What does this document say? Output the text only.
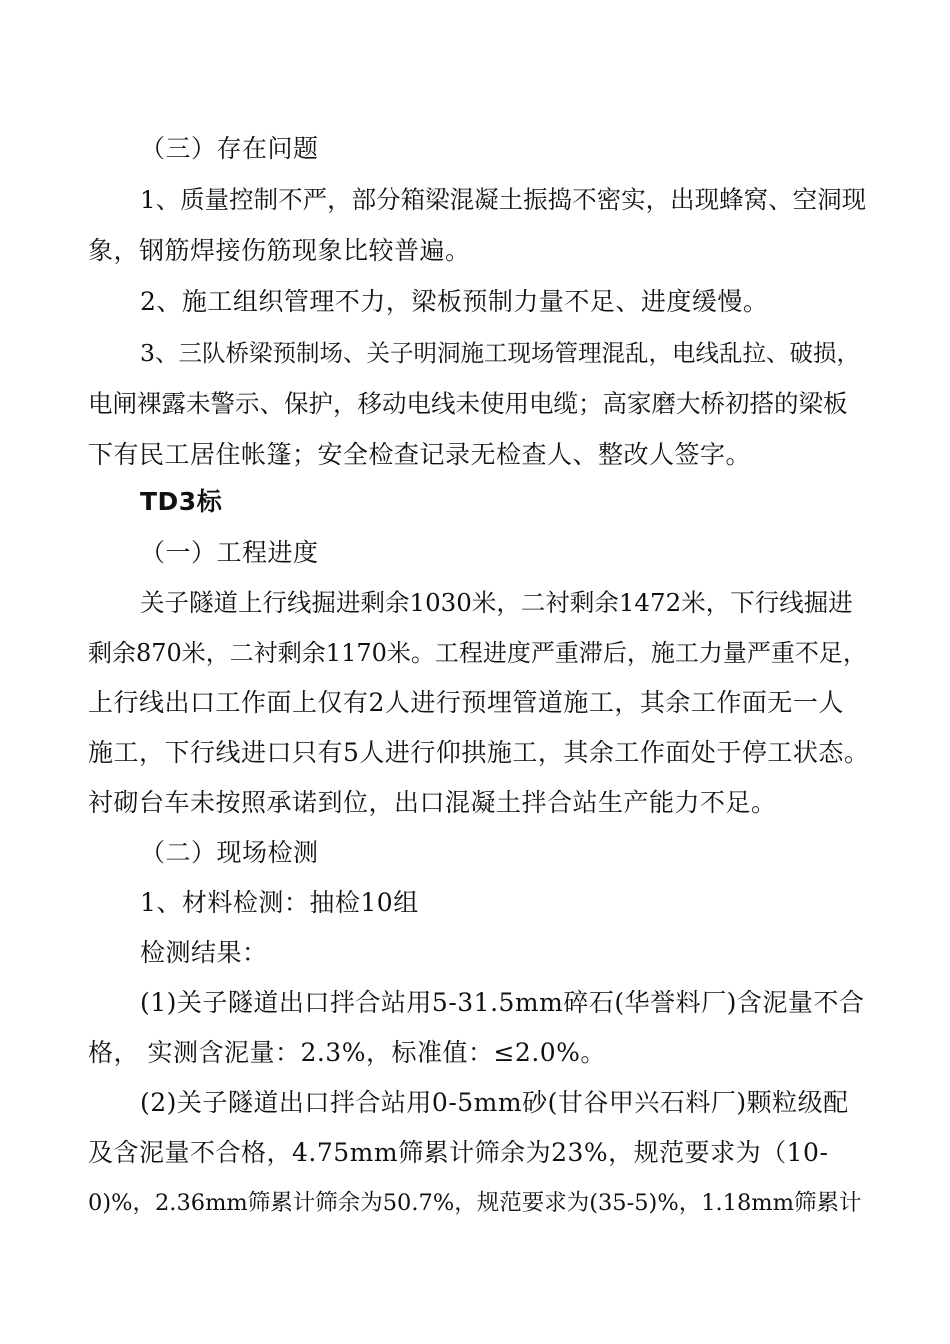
（三）存在问题
1、质量控制不严，部分箱梁混凝土振捣不密实，出现蜂窝、空洞现
象，钢筋焊接伤筋现象比较普遍。
2、施工组织管理不力，梁板预制力量不足、进度缓慢。
3、三队桥梁预制场、关子明洞施工现场管理混乱，电线乱拉、破损，
电闸裸露未警示、保护，移动电线未使用电缆；高家磨大桥初搭的梁板
下有民工居住帐篷；安全检查记录无检查人、整改人签字。
TD3标
（一）工程进度
关子隧道上行线掘进剩余1030米，二衬剩余1472米，下行线掘进
剩余870米，二衬剩余1170米。工程进度严重滞后，施工力量严重不足，
上行线出口工作面上仅有2人进行预埋管道施工，其余工作面无一人
施工，下行线进口只有5人进行仰拱施工，其余工作面处于停工状态。
衬砌台车未按照承诺到位，出口混凝土拌合站生产能力不足。
（二）现场检测
1、材料检测：抽检10组
检测结果：
(1)关子隧道出口拌合站用5-31.5mm碎石(华誉料厂)含泥量不合
格， 实测含泥量：2.3%，标准值：≤2.0%。
(2)关子隧道出口拌合站用0-5mm砂(甘谷甲兴石料厂)颗粒级配
及含泥量不合格，4.75mm筛累计筛余为23%，规范要求为（10-
0)%，2.36mm筛累计筛余为50.7%，规范要求为(35-5)%，1.18mm筛累计
